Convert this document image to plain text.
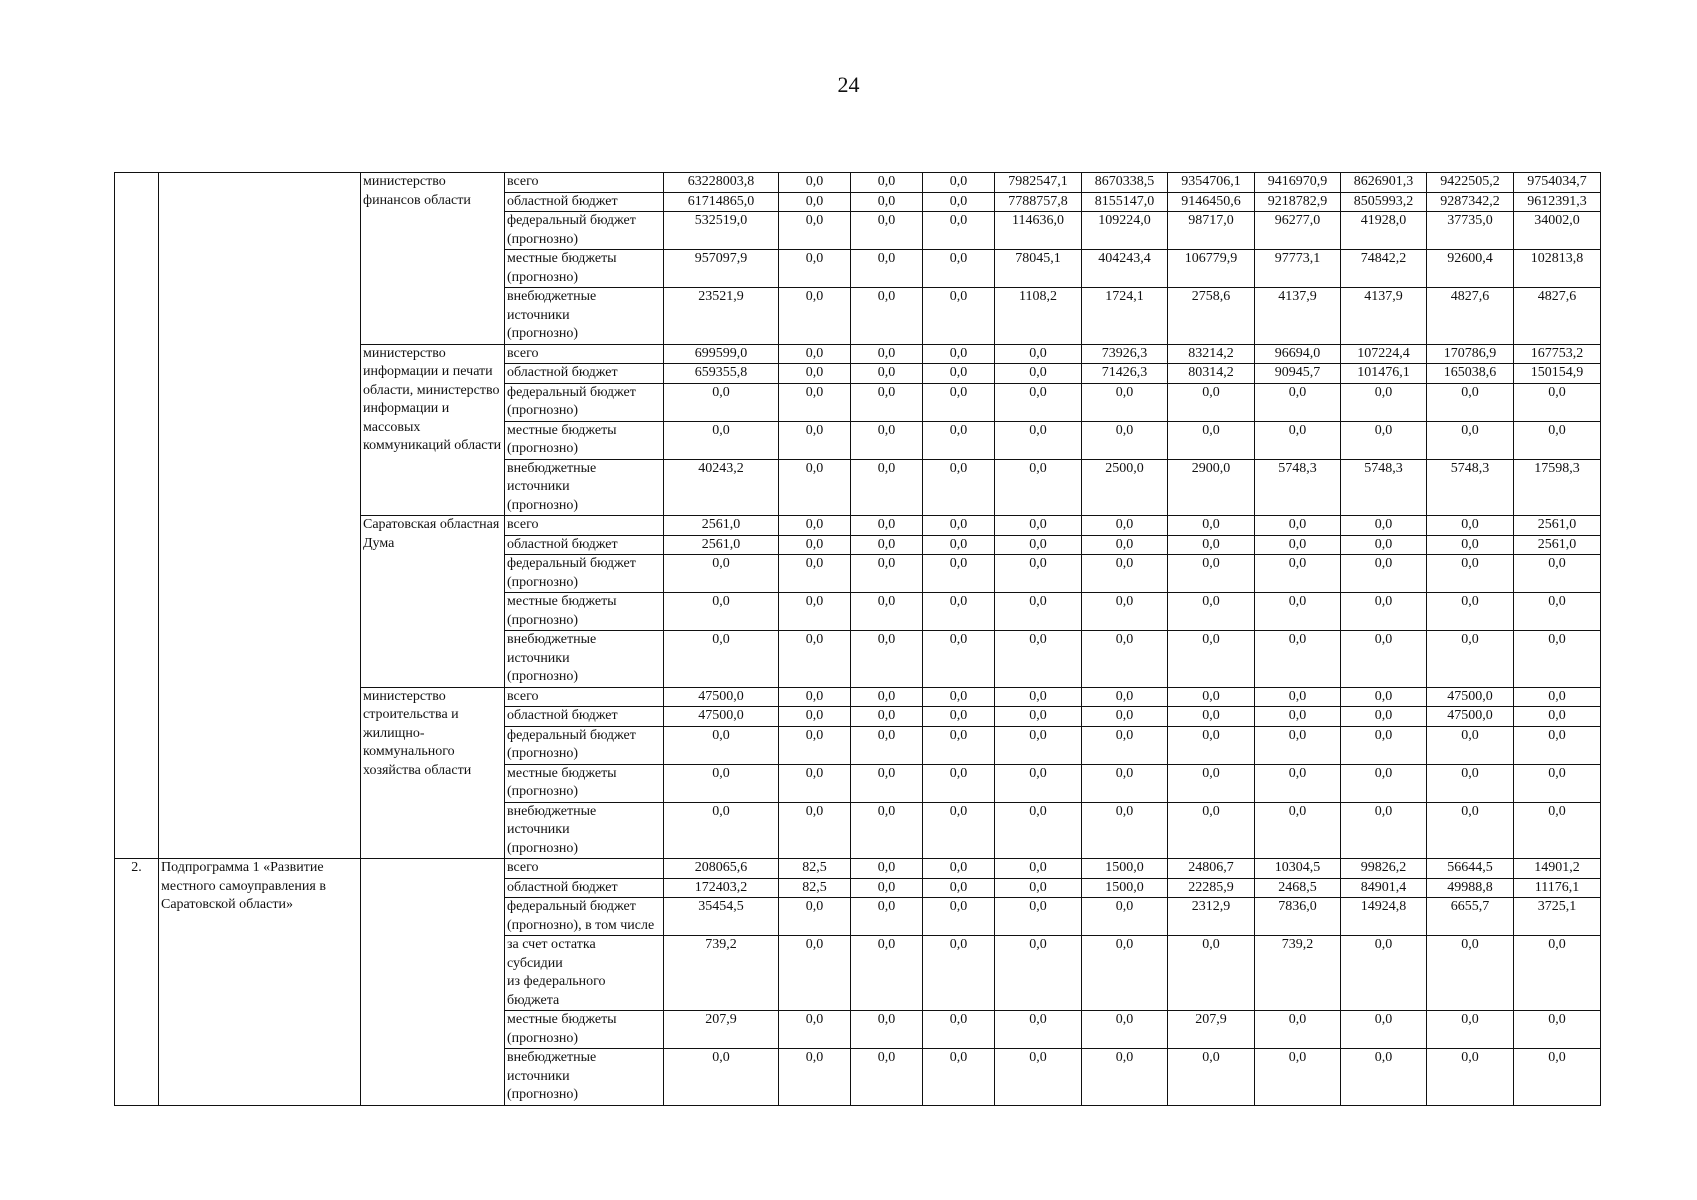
24
		министерство финансов области	всего	63228003,8	0,0	0,0	0,0	7982547,1	8670338,5	9354706,1	9416970,9	8626901,3	9422505,2	9754034,7

			областной бюджет	61714865,0	0,0	0,0	0,0	7788757,8	8155147,0	9146450,6	9218782,9	8505993,2	9287342,2	9612391,3

			федеральный бюджет
(прогнозно)	532519,0	0,0	0,0	0,0	114636,0	109224,0	98717,0	96277,0	41928,0	37735,0	34002,0

			местные бюджеты
(прогнозно)	957097,9	0,0	0,0	0,0	78045,1	404243,4	106779,9	97773,1	74842,2	92600,4	102813,8

			внебюджетные
источники
(прогнозно)	23521,9	0,0	0,0	0,0	1108,2	1724,1	2758,6	4137,9	4137,9	4827,6	4827,6
		министерство информации и печати области, министерство информации и массовых коммуникаций области	всего	699599,0	0,0	0,0	0,0	0,0	73926,3	83214,2	96694,0	107224,4	170786,9	167753,2

			областной бюджет	659355,8	0,0	0,0	0,0	0,0	71426,3	80314,2	90945,7	101476,1	165038,6	150154,9

			федеральный бюджет
(прогнозно)	0,0	0,0	0,0	0,0	0,0	0,0	0,0	0,0	0,0	0,0	0,0

			местные бюджеты
(прогнозно)	0,0	0,0	0,0	0,0	0,0	0,0	0,0	0,0	0,0	0,0	0,0

			внебюджетные
источники
(прогнозно)	40243,2	0,0	0,0	0,0	0,0	2500,0	2900,0	5748,3	5748,3	5748,3	17598,3
		Саратовская областная Дума	всего	2561,0	0,0	0,0	0,0	0,0	0,0	0,0	0,0	0,0	0,0	2561,0

			областной бюджет	2561,0	0,0	0,0	0,0	0,0	0,0	0,0	0,0	0,0	0,0	2561,0

			федеральный бюджет
(прогнозно)	0,0	0,0	0,0	0,0	0,0	0,0	0,0	0,0	0,0	0,0	0,0

			местные бюджеты
(прогнозно)	0,0	0,0	0,0	0,0	0,0	0,0	0,0	0,0	0,0	0,0	0,0

			внебюджетные
источники
(прогнозно)	0,0	0,0	0,0	0,0	0,0	0,0	0,0	0,0	0,0	0,0	0,0
		министерство строительства и жилищно-коммунального хозяйства области	всего	47500,0	0,0	0,0	0,0	0,0	0,0	0,0	0,0	0,0	47500,0	0,0

			областной бюджет	47500,0	0,0	0,0	0,0	0,0	0,0	0,0	0,0	0,0	47500,0	0,0

			федеральный бюджет
(прогнозно)	0,0	0,0	0,0	0,0	0,0	0,0	0,0	0,0	0,0	0,0	0,0

			местные бюджеты
(прогнозно)	0,0	0,0	0,0	0,0	0,0	0,0	0,0	0,0	0,0	0,0	0,0

			внебюджетные
источники
(прогнозно)	0,0	0,0	0,0	0,0	0,0	0,0	0,0	0,0	0,0	0,0	0,0
2.	Подпрограмма 1 «Развитие местного самоуправления в Саратовской области»		всего	208065,6	82,5	0,0	0,0	0,0	1500,0	24806,7	10304,5	99826,2	56644,5	14901,2

			областной бюджет	172403,2	82,5	0,0	0,0	0,0	1500,0	22285,9	2468,5	84901,4	49988,8	11176,1

			федеральный бюджет
(прогнозно), в том числе	35454,5	0,0	0,0	0,0	0,0	0,0	2312,9	7836,0	14924,8	6655,7	3725,1

			за счет остатка
субсидии
из федерального
бюджета	739,2	0,0	0,0	0,0	0,0	0,0	0,0	739,2	0,0	0,0	0,0

			местные бюджеты
(прогнозно)	207,9	0,0	0,0	0,0	0,0	0,0	207,9	0,0	0,0	0,0	0,0

			внебюджетные
источники
(прогнозно)	0,0	0,0	0,0	0,0	0,0	0,0	0,0	0,0	0,0	0,0	0,0
